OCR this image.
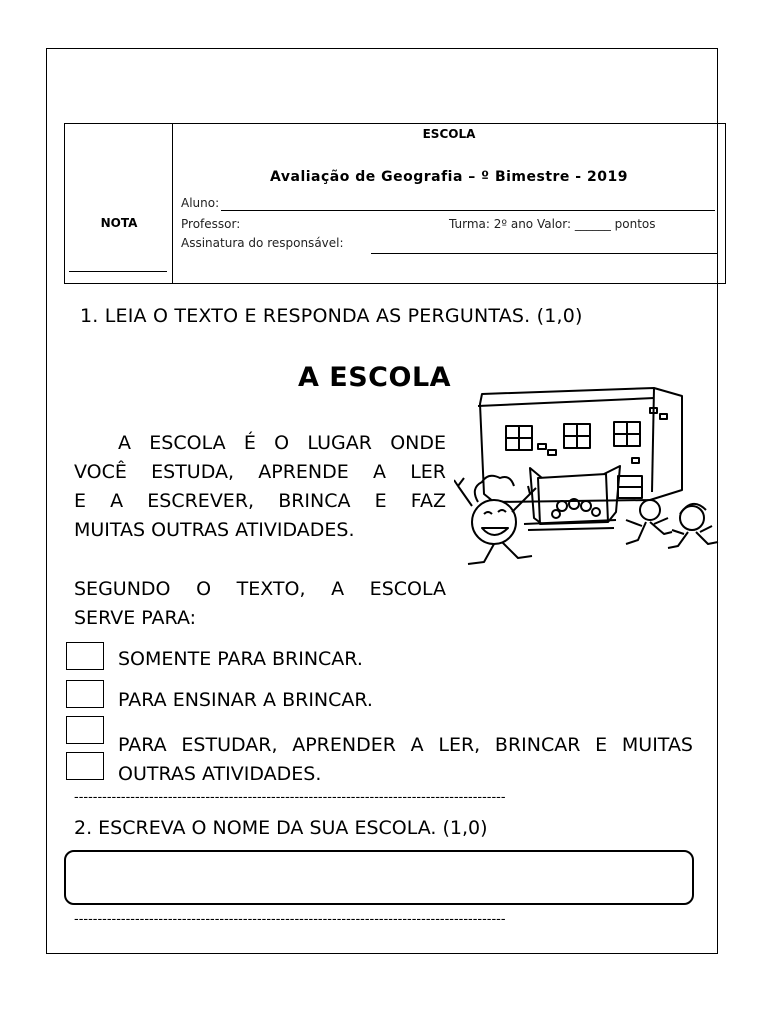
NOTA
ESCOLA
Avaliação de Geografia – º Bimestre - 2019
Aluno:
Professor:	Turma: 2º ano Valor: ______ pontos
Assinatura do responsável:
1. LEIA O TEXTO E RESPONDA AS PERGUNTAS. (1,0)
A ESCOLA
A ESCOLA É O LUGAR ONDE
VOCÊ ESTUDA, APRENDE A LER
E A ESCREVER, BRINCA E FAZ
MUITAS OUTRAS ATIVIDADES.
SEGUNDO O TEXTO, A ESCOLA
SERVE PARA:
SOMENTE PARA BRINCAR.
PARA ENSINAR A BRINCAR.
PARA ESTUDAR, APRENDER A LER, BRINCAR E MUITAS OUTRAS ATIVIDADES.
--------------------------------------------------------------------------------------------
2. ESCREVA O NOME DA SUA ESCOLA. (1,0)
--------------------------------------------------------------------------------------------
